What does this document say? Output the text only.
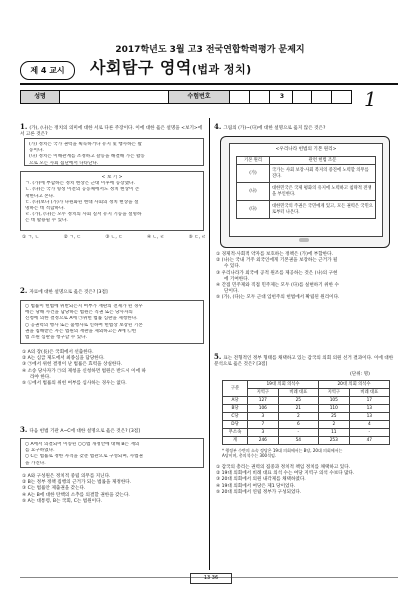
2017학년도 3월 고3 전국연합학력평가 문제지
제 4 교시	사회탐구 영역(법과 정치)
성명	수험번호	3	1
1. (가), (나)는 정치의 의미에 대한 서로 다른 주장이다. 이에 대한 옳은 설명을 <보기>에서 고른 것은?
(가) 정치는 국가 권력을 획득하거나 유지 및 행사하는 활
동이다.
(나) 정치는 이해관계를 조정하고 갈등을 해결해 가는 활동
으로 모든 사회 집단에서 나타난다.
< 보 기 >
ㄱ. (가)에 부합하는 정치 현상은 근대 이후에 등장했다.
ㄴ. (나)는 국가 형성 이전의 공동체에서도 정치 현상이 존
재한다고 본다.
ㄷ. (나)보다 (가)가 다원화된 현대 사회의 정치 현상을 설
명하는 데 적합하다.
ㄹ. (가), (나)는 모두 정치의 사회 질서 유지 기능을 설명하
는 데 활용될 수 있다.
① ㄱ, ㄴ	② ㄱ, ㄷ	③ ㄴ, ㄷ	④ ㄴ, ㄹ	⑤ ㄷ, ㄹ
2. 자료에 대한 설명으로 옳은 것은? [3점]
○ 법률이 헌법에 위반되는지 여부가 재판의 전제가 된 경우
에는 당해 사건을 담당하는 법원은 직권 또는 당사자의
신청에 의한 결정으로 A에 ㉠위헌 법률 심판을 제청한다.
○ 공권력의 행사 또는 불행사로 인하여 헌법상 보장된 기본
권을 침해받은 자는 법원의 재판을 제외하고는 A에 ㉡헌
법 소원 심판을 청구할 수 있다.
① A의 장(長)은 국회에서 선출한다.
② A는 심급 제도에서 최종심을 담당한다.
③ ㉠에서 위헌 결정이 난 법률은 효력을 상실한다.
④ 소송 당사자가 ㉠의 제청을 신청하면 법원은 반드시 이에 따
라야 한다.
⑤ ㉡에서 법률의 위헌 여부를 심사하는 경우는 없다.
3. 다음 헌법 기관 A~C에 대한 설명으로 옳은 것은? [3점]
○ A에서 의결되어 이송된 ○○법 개정안에 대해 B는 재의
를 요구하였다.
○ C는 법률로 정한 자격을 갖춘 법관으로 구성되며, 사법권
을 가진다.
① A와 구성원은 정치적 중립 의무를 지닌다.
② B는 정부 정책 집행의 근거가 되는 법률을 제정한다.
③ C는 법률안 제출권을 갖는다.
④ A는 B에 대한 탄핵의 소추를 의결할 권한을 갖는다.
⑤ A는 대통령, B는 국회, C는 법원이다.
4. 그림의 (가)~(다)에 대한 설명으로 옳지 않은 것은?
<우리나라 헌법의 기본 원리>
기본 원리	관련 헌법 조문
(가)	국가는 사회 보장·사회 복지의 증진에 노력할 의무를 진다.
(나)	대한민국은 국제 평화의 유지에 노력하고 침략적 전쟁을 부인한다.
(다)	대한민국의 주권은 국민에게 있고, 모든 권력은 국민으로부터 나온다.
① 경제적·사회적 약자를 보호하는 정책은 (가)에 부합한다.
② (나)는 국내 거주 외국인에게 기본권을 보장하는 근거가 될
수 있다.
③ 우리나라가 외국에 공적 원조를 제공하는 것은 (나)의 구현
에 기여한다.
④ 간접 민주제와 직접 민주제는 모두 (다)를 실현하기 위한 수
단이다.
⑤ (가), (다)는 모두 근대 입헌주의 헌법에서 확립된 원리이다.
5. 표는 전형적인 정부 형태를 채택하고 있는 갑국의 의회 의원 선거 결과이다. 이에 대한 분석으로 옳은 것은? [3점]
(단위: 명)
구분	19대 의회 의석수		20대 의회 의석수	
	지역구	비례 대표	지역구	비례 대표
A당	127	25	105	17
B당	106	21	110	13
C당	3	2	25	13
D당	7	6	2	4
무소속	3	-	11	-
계	246	54	253	47
* 행정부 수반의 소속 정당은 19대 의회에서는 B당, 20대 의회에서는
A당이며, 총의석수는 300석임.
① 갑국의 총리는 권력의 집중과 정치적 책임 정치를 채택하고 있다.
② 19대 의회에서 비례 대표 의석 수는 여당 지역구 의석 수보다 많다.
③ 20대 의회에서 의원 내각제를 채택하였다.
④ 19대 의회에서 여당은 제1 당이었다.
⑤ 20대 의회에서 연립 정부가 구성되었다.
13 36
